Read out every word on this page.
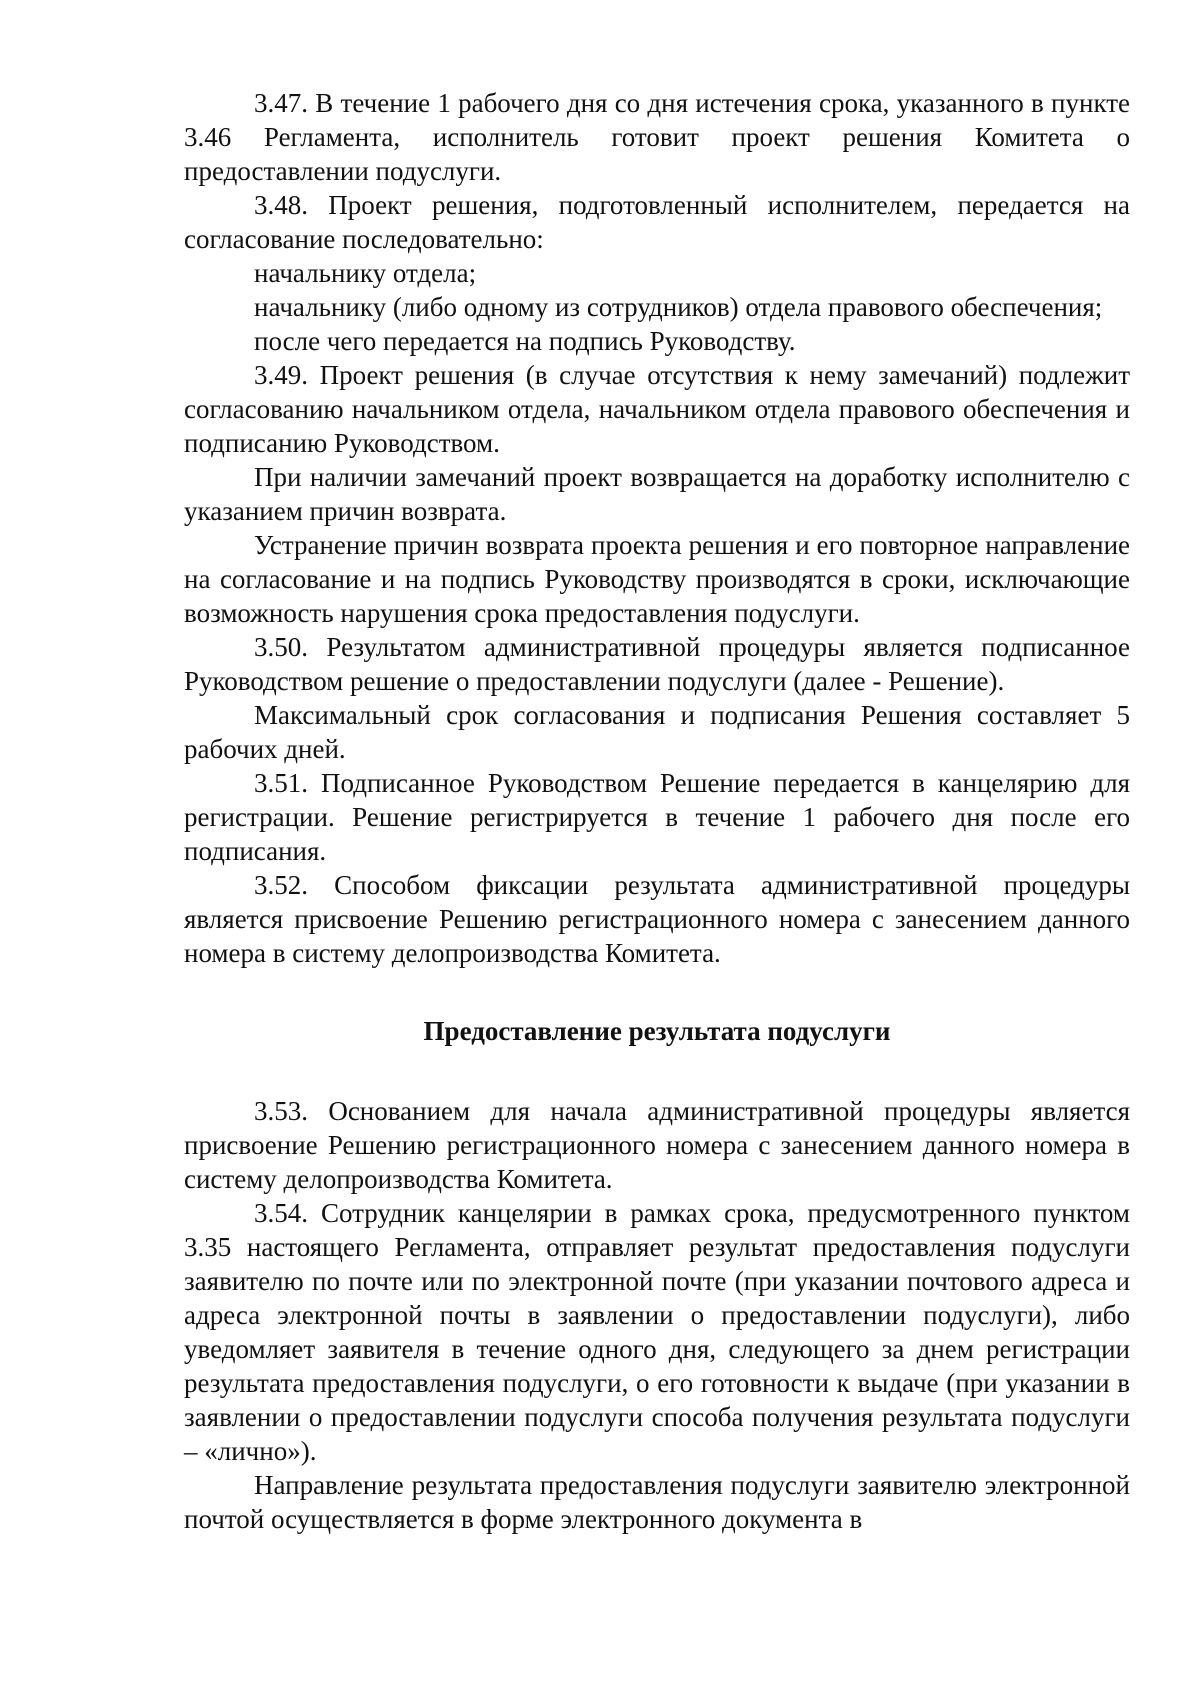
3.47. В течение 1 рабочего дня со дня истечения срока, указанного в пункте 3.46 Регламента, исполнитель готовит проект решения Комитета о предоставлении подуслуги.

3.48. Проект решения, подготовленный исполнителем, передается на согласование последовательно:

начальнику отдела;

начальнику (либо одному из сотрудников) отдела правового обеспечения;

после чего передается на подпись Руководству.

3.49. Проект решения (в случае отсутствия к нему замечаний) подлежит согласованию начальником отдела, начальником отдела правового обеспечения и подписанию Руководством.

При наличии замечаний проект возвращается на доработку исполнителю с указанием причин возврата.

Устранение причин возврата проекта решения и его повторное направление на согласование и на подпись Руководству производятся в сроки, исключающие возможность нарушения срока предоставления подуслуги.

3.50. Результатом административной процедуры является подписанное Руководством решение о предоставлении подуслуги (далее - Решение).

Максимальный срок согласования и подписания Решения составляет 5 рабочих дней.

3.51. Подписанное Руководством Решение передается в канцелярию для регистрации. Решение регистрируется в течение 1 рабочего дня после его подписания.

3.52. Способом фиксации результата административной процедуры является присвоение Решению регистрационного номера с занесением данного номера в систему делопроизводства Комитета.

Предоставление результата подуслуги

3.53. Основанием для начала административной процедуры является присвоение Решению регистрационного номера с занесением данного номера в систему делопроизводства Комитета.

3.54. Сотрудник канцелярии в рамках срока, предусмотренного пунктом 3.35 настоящего Регламента, отправляет результат предоставления подуслуги заявителю по почте или по электронной почте (при указании почтового адреса и адреса электронной почты в заявлении о предоставлении подуслуги), либо уведомляет заявителя в течение одного дня, следующего за днем регистрации результата предоставления подуслуги, о его готовности к выдаче (при указании в заявлении о предоставлении подуслуги способа получения результата подуслуги – «лично»).

Направление результата предоставления подуслуги заявителю электронной почтой осуществляется в форме электронного документа в
